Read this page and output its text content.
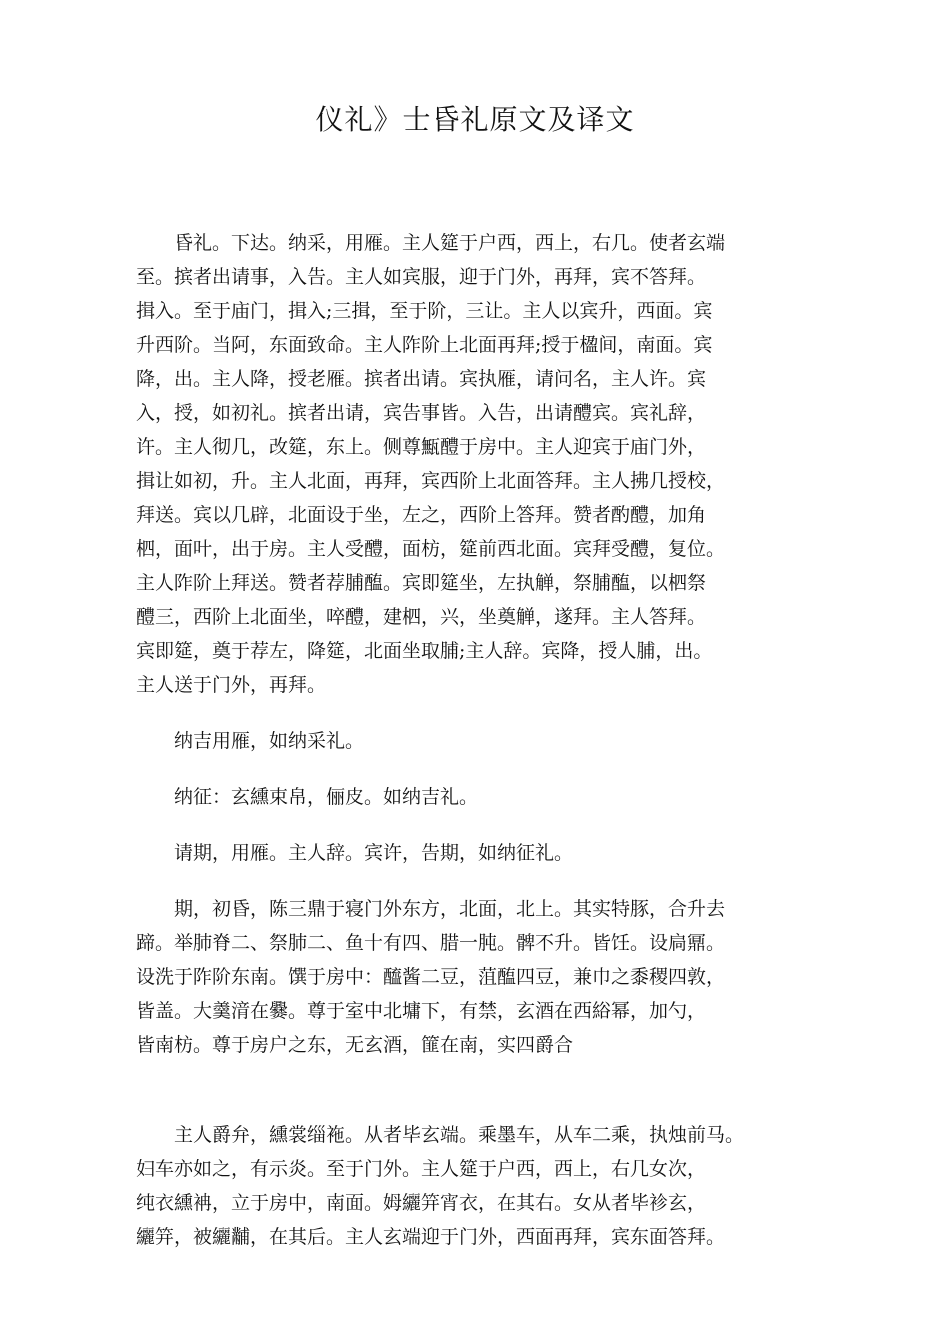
仪礼》士昏礼原文及译文

昏礼。下达。纳采，用雁。主人筵于户西，西上，右几。使者玄端
至。摈者出请事，入告。主人如宾服，迎于门外，再拜，宾不答拜。
揖入。至于庙门，揖入;三揖，至于阶，三让。主人以宾升，西面。宾
升西阶。当阿，东面致命。主人阼阶上北面再拜;授于楹间，南面。宾
降，出。主人降，授老雁。摈者出请。宾执雁，请问名，主人许。宾
入，授，如初礼。摈者出请，宾告事皆。入告，出请醴宾。宾礼辞，
许。主人彻几，改筵，东上。侧尊甒醴于房中。主人迎宾于庙门外，
揖让如初，升。主人北面，再拜，宾西阶上北面答拜。主人拂几授校，
拜送。宾以几辟，北面设于坐，左之，西阶上答拜。赞者酌醴，加角
柶，面叶，出于房。主人受醴，面枋，筵前西北面。宾拜受醴，复位。
主人阼阶上拜送。赞者荐脯醢。宾即筵坐，左执觯，祭脯醢，以柶祭
醴三，西阶上北面坐，啐醴，建柶，兴，坐奠觯，遂拜。主人答拜。
宾即筵，奠于荐左，降筵，北面坐取脯;主人辞。宾降，授人脯，出。
主人送于门外，再拜。

纳吉用雁，如纳采礼。

纳征：玄纁束帛，俪皮。如纳吉礼。

请期，用雁。主人辞。宾许，告期，如纳征礼。

期，初昏，陈三鼎于寝门外东方，北面，北上。其实特豚，合升去
蹄。举肺脊二、祭肺二、鱼十有四、腊一肫。髀不升。皆饪。设扃鼏。
设洗于阼阶东南。馔于房中：醯酱二豆，菹醢四豆，兼巾之黍稷四敦，
皆盖。大羹湇在爨。尊于室中北墉下，有禁，玄酒在西綌幂，加勺，
皆南枋。尊于房户之东，无玄酒，篚在南，实四爵合

主人爵弁，纁裳缁袘。从者毕玄端。乘墨车，从车二乘，执烛前马。
妇车亦如之，有示炎。至于门外。主人筵于户西，西上，右几女次，
纯衣纁袡，立于房中，南面。姆纚笄宵衣，在其右。女从者毕袗玄，
纚笄，被纚黼，在其后。主人玄端迎于门外，西面再拜，宾东面答拜。
